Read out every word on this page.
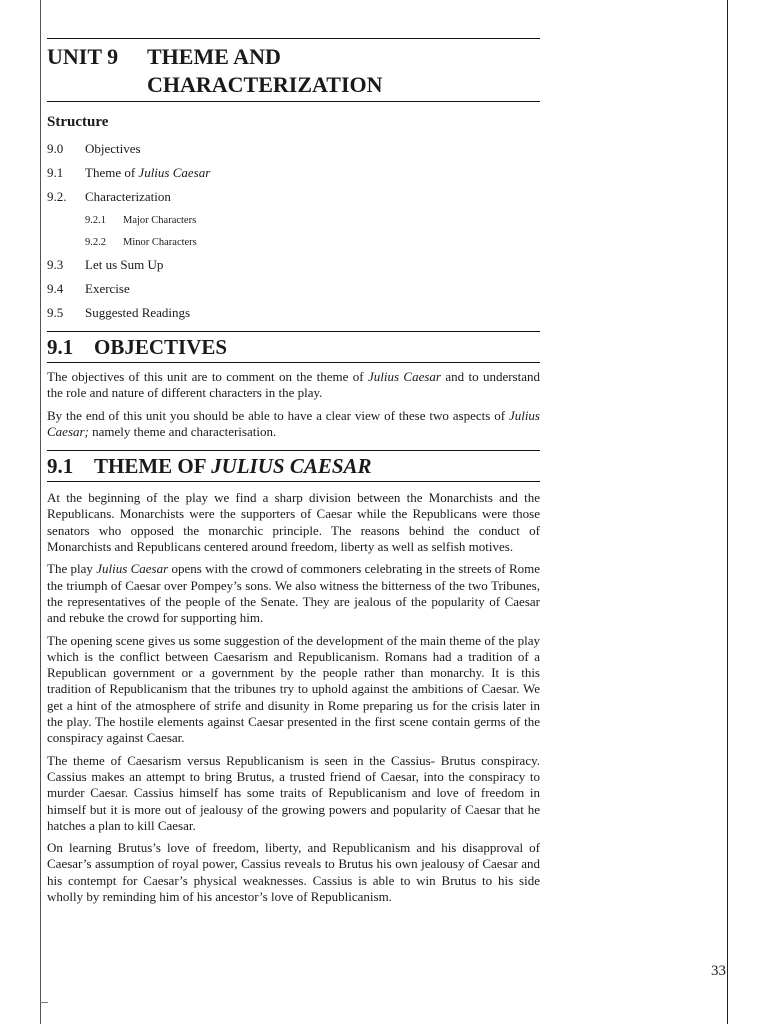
UNIT 9	THEME AND
CHARACTERIZATION
Structure
9.0	Objectives
9.1	Theme of Julius Caesar
9.2.	Characterization
9.2.1	Major Characters
9.2.2	Minor Characters
9.3	Let us Sum Up
9.4	Exercise
9.5	Suggested Readings
9.1 OBJECTIVES

The objectives of this unit are to comment on the theme of Julius Caesar and to understand the role and nature of different characters in the play.

By the end of this unit you should be able to have a clear view of these two aspects of Julius Caesar; namely theme and characterisation.

9.1 THEME OF JULIUS CAESAR

At the beginning of the play we find a sharp division between the Monarchists and the Republicans. Monarchists were the supporters of Caesar while the Republicans were those senators who opposed the monarchic principle. The reasons behind the conduct of Monarchists and Republicans centered around freedom, liberty as well as selfish motives.

The play Julius Caesar opens with the crowd of commoners celebrating in the streets of Rome the triumph of Caesar over Pompey’s sons. We also witness the bitterness of the two Tribunes, the representatives of the people of the Senate. They are jealous of the popularity of Caesar and rebuke the crowd for supporting him.

The opening scene gives us some suggestion of the development of the main theme of the play which is the conflict between Caesarism and Republicanism. Romans had a tradition of a Republican government or a government by the people rather than monarchy. It is this tradition of Republicanism that the tribunes try to uphold against the ambitions of Caesar. We get a hint of the atmosphere of strife and disunity in Rome preparing us for the crisis later in the play. The hostile elements against Caesar presented in the first scene contain germs of the conspiracy against Caesar.

The theme of Caesarism versus Republicanism is seen in the Cassius- Brutus conspiracy. Cassius makes an attempt to bring Brutus, a trusted friend of Caesar, into the conspiracy to murder Caesar. Cassius himself has some traits of Republicanism and love of freedom in himself but it is more out of jealousy of the growing powers and popularity of Caesar that he hatches a plan to kill Caesar.

On learning Brutus’s love of freedom, liberty, and Republicanism and his disapproval of Caesar’s assumption of royal power, Cassius reveals to Brutus his own jealousy of Caesar and his contempt for Caesar’s physical weaknesses. Cassius is able to win Brutus to his side wholly by reminding him of his ancestor’s love of Republicanism.

33
